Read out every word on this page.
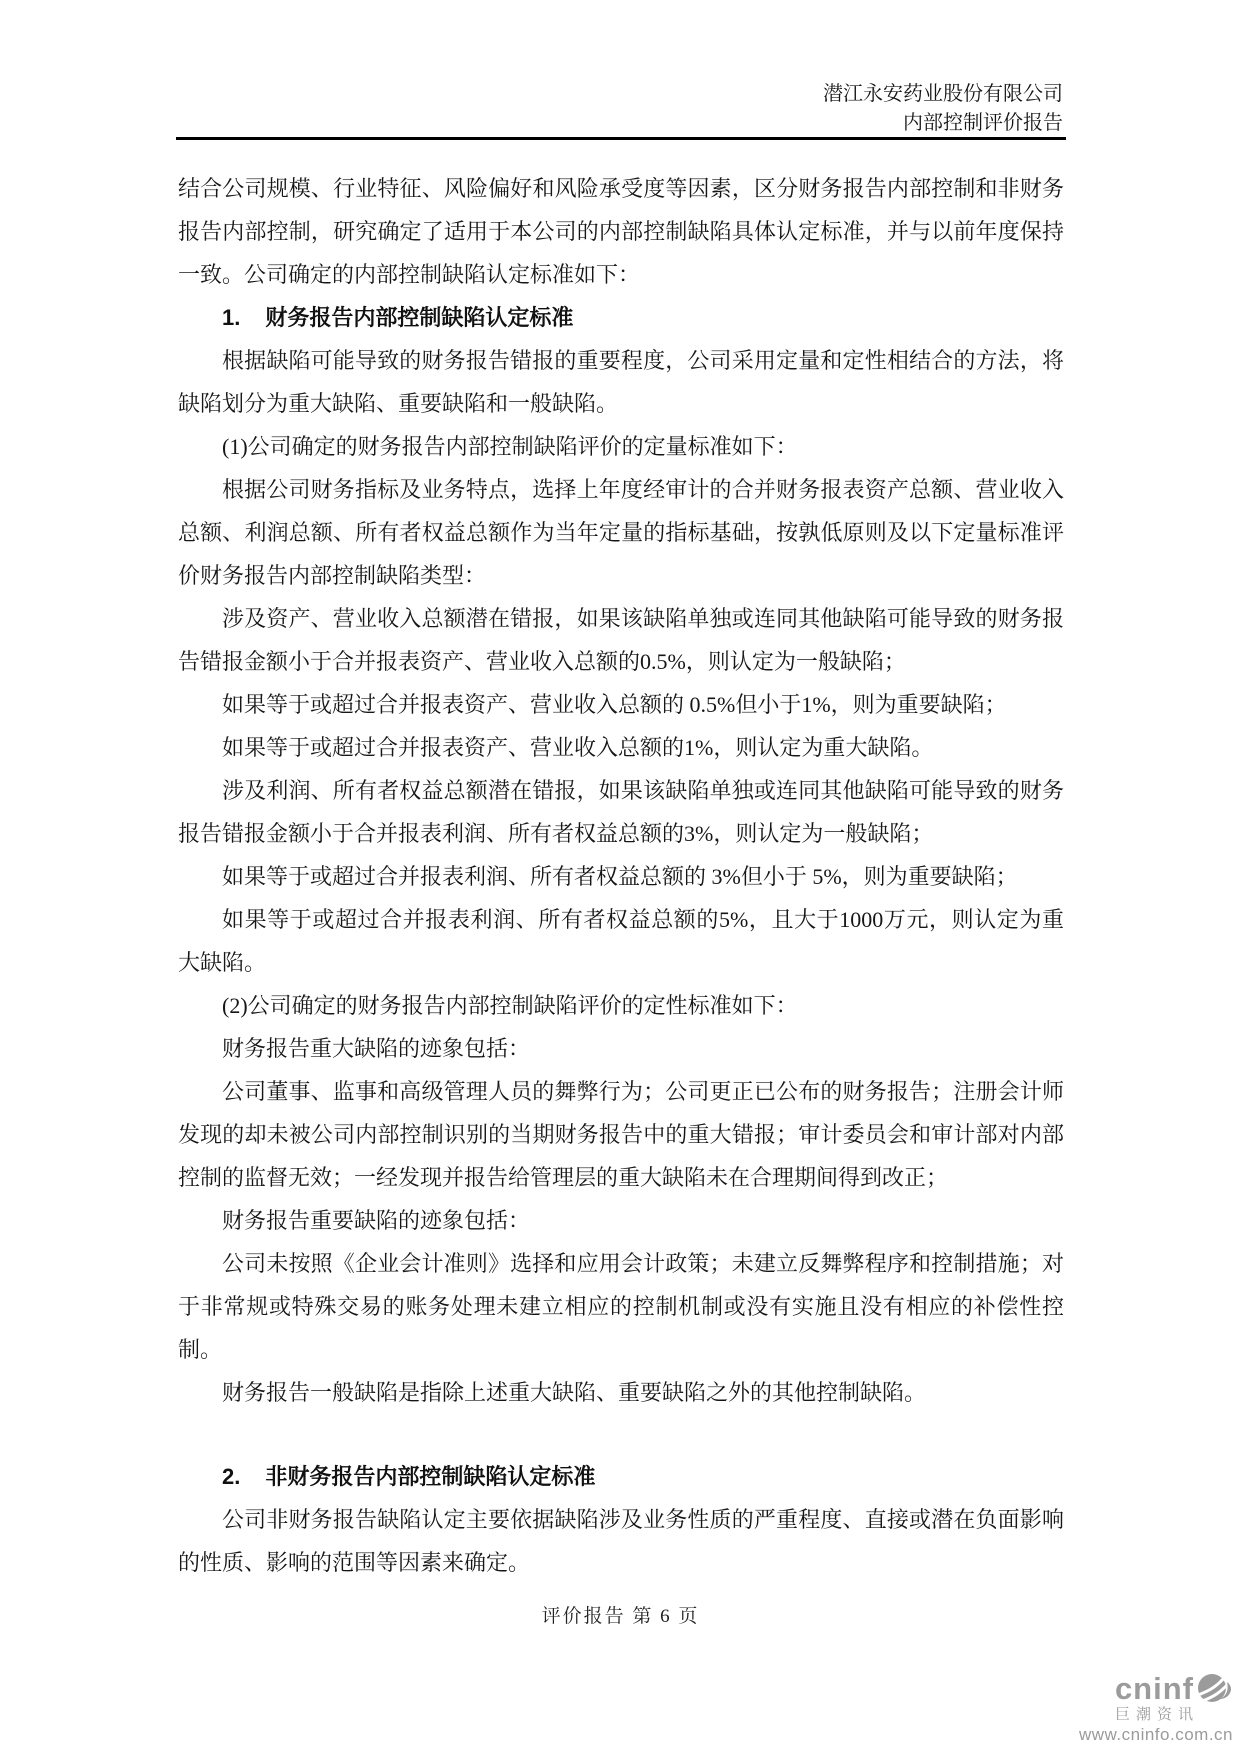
潜江永安药业股份有限公司
内部控制评价报告

结合公司规模、行业特征、风险偏好和风险承受度等因素，区分财务报告内部控制和非财务报告内部控制，研究确定了适用于本公司的内部控制缺陷具体认定标准，并与以前年度保持一致。公司确定的内部控制缺陷认定标准如下：

1. 财务报告内部控制缺陷认定标准

根据缺陷可能导致的财务报告错报的重要程度，公司采用定量和定性相结合的方法，将缺陷划分为重大缺陷、重要缺陷和一般缺陷。

(1)公司确定的财务报告内部控制缺陷评价的定量标准如下：

根据公司财务指标及业务特点，选择上年度经审计的合并财务报表资产总额、营业收入总额、利润总额、所有者权益总额作为当年定量的指标基础，按孰低原则及以下定量标准评价财务报告内部控制缺陷类型：

涉及资产、营业收入总额潜在错报，如果该缺陷单独或连同其他缺陷可能导致的财务报告错报金额小于合并报表资产、营业收入总额的0.5%，则认定为一般缺陷；

如果等于或超过合并报表资产、营业收入总额的 0.5%但小于1%，则为重要缺陷；

如果等于或超过合并报表资产、营业收入总额的1%，则认定为重大缺陷。

涉及利润、所有者权益总额潜在错报，如果该缺陷单独或连同其他缺陷可能导致的财务报告错报金额小于合并报表利润、所有者权益总额的3%，则认定为一般缺陷；

如果等于或超过合并报表利润、所有者权益总额的 3%但小于 5%，则为重要缺陷；

如果等于或超过合并报表利润、所有者权益总额的5%，且大于1000万元，则认定为重大缺陷。

(2)公司确定的财务报告内部控制缺陷评价的定性标准如下：

财务报告重大缺陷的迹象包括：

公司董事、监事和高级管理人员的舞弊行为；公司更正已公布的财务报告；注册会计师发现的却未被公司内部控制识别的当期财务报告中的重大错报；审计委员会和审计部对内部控制的监督无效；一经发现并报告给管理层的重大缺陷未在合理期间得到改正；

财务报告重要缺陷的迹象包括：

公司未按照《企业会计准则》选择和应用会计政策；未建立反舞弊程序和控制措施；对于非常规或特殊交易的账务处理未建立相应的控制机制或没有实施且没有相应的补偿性控制。

财务报告一般缺陷是指除上述重大缺陷、重要缺陷之外的其他控制缺陷。

2. 非财务报告内部控制缺陷认定标准

公司非财务报告缺陷认定主要依据缺陷涉及业务性质的严重程度、直接或潜在负面影响的性质、影响的范围等因素来确定。

评价报告 第 6 页
cninf
巨潮资讯
www.cninfo.com.cn
